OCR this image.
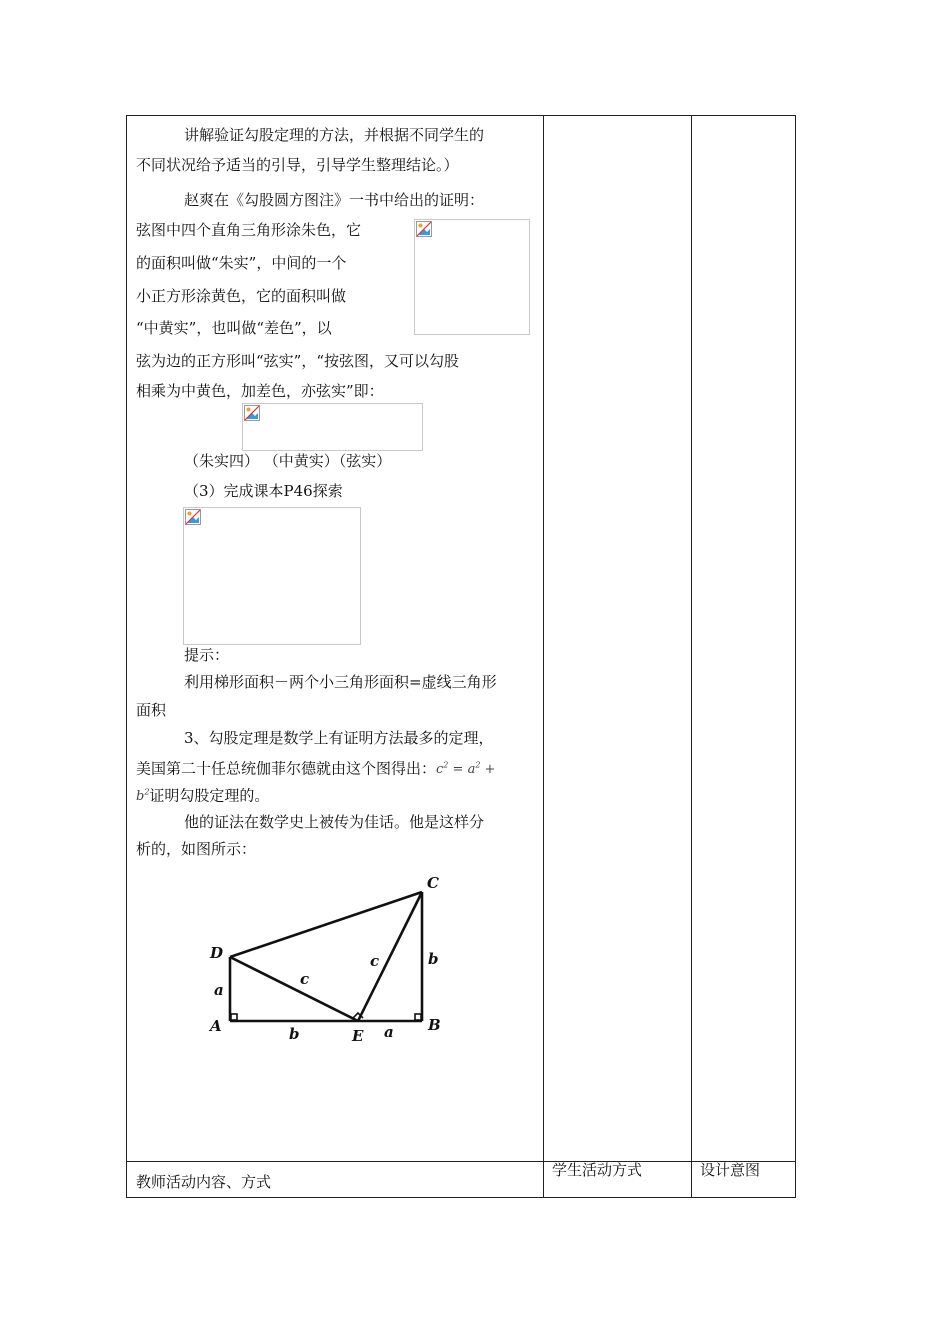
讲解验证勾股定理的方法，并根据不同学生的
不同状况给予适当的引导，引导学生整理结论。）
赵爽在《勾股圆方图注》一书中给出的证明：
弦图中四个直角三角形涂朱色，它
的面积叫做“朱实”，中间的一个
小正方形涂黄色，它的面积叫做
“中黄实”，也叫做“差色”，以
弦为边的正方形叫“弦实”，“按弦图，又可以勾股
相乘为中黄色，加差色，亦弦实”即：
（朱实四） （中黄实）（弦实）
（3）完成课本P46探索
提示：
利用梯形面积－两个小三角形面积=虚线三角形
面积
3、勾股定理是数学上有证明方法最多的定理，
美国第二十任总统伽菲尔德就由这个图得出：$c^2 = a^2$ +
$b^2$证明勾股定理的。
他的证法在数学史上被传为佳话。他是这样分
析的，如图所示：
C
D
A
E
B
a
b
c
c	b
a
教师活动内容、方式
学生活动方式	设计意图
